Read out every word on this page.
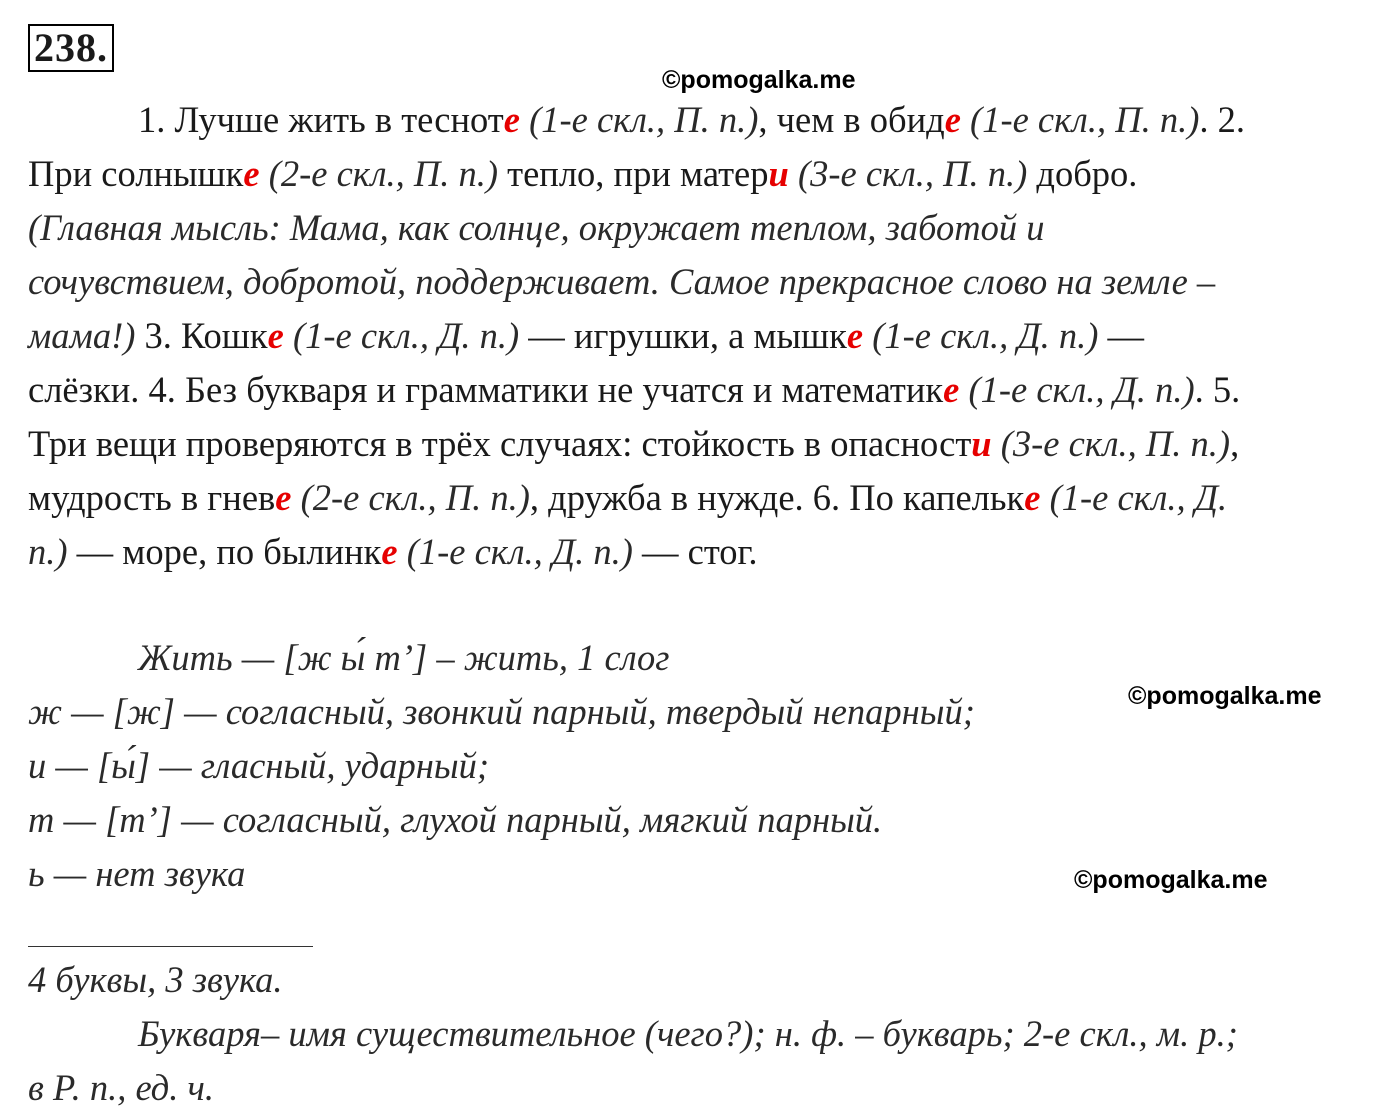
238.
©pomogalka.me
©pomogalka.me
©pomogalka.me
1. Лучше жить в тесноте (1-е скл., П. п.), чем в обиде (1-е скл., П. п.). 2.
При солнышке (2-е скл., П. п.) тепло, при матери (3-е скл., П. п.) добро.
(Главная мысль: Мама, как солнце, окружает теплом, заботой и
сочувствием, добротой, поддерживает. Самое прекрасное слово на земле –
мама!) 3. Кошке (1-е скл., Д. п.) — игрушки, а мышке (1-е скл., Д. п.) —
слёзки. 4. Без букваря и грамматики не учатся и математике (1-е скл., Д. п.). 5.
Три вещи проверяются в трёх случаях: стойкость в опасности (3-е скл., П. п.),
мудрость в гневе (2-е скл., П. п.), дружба в нужде. 6. По капельке (1-е скл., Д.
п.) — море, по былинке (1-е скл., Д. п.) — стог.
Жить — [ж ы́ т’] – жить, 1 слог
ж — [ж] — согласный, звонкий парный, твердый непарный;
и — [ы́] — гласный, ударный;
т — [т’] — согласный, глухой парный, мягкий парный.
ь — нет звука
4 буквы, 3 звука.
Букваря– имя существительное (чего?); н. ф. – букварь; 2-е скл., м. р.;
в Р. п., ед. ч.
